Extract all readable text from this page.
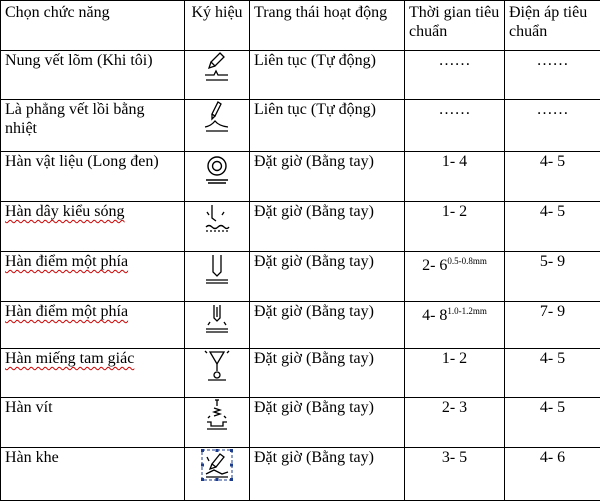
Chọn chức năng	Ký hiệu	Trang thái hoạt động	Thời gian tiêu chuẩn	Điện áp tiêu chuẩn
Nung vết lõm (Khi tôi)		Liên tục (Tự động)	……	……
Là phẳng vết lồi bằng nhiệt		Liên tục (Tự động)	……	……
Hàn vật liệu (Long đen)		Đặt giờ (Bằng tay)	1- 4	4- 5
Hàn dây kiểu sóng		Đặt giờ (Bằng tay)	1- 2	4- 5
Hàn điểm một phía		Đặt giờ (Bằng tay)	2- $6^{0.5-0.8mm}$	5- 9
Hàn điểm một phía		Đặt giờ (Bằng tay)	4- $8^{1.0-1.2mm}$	7- 9
Hàn miếng tam giác		Đặt giờ (Bằng tay)	1- 2	4- 5
Hàn vít		Đặt giờ (Bằng tay)	2- 3	4- 5
Hàn khe		Đặt giờ (Bằng tay)	3- 5	4- 6
